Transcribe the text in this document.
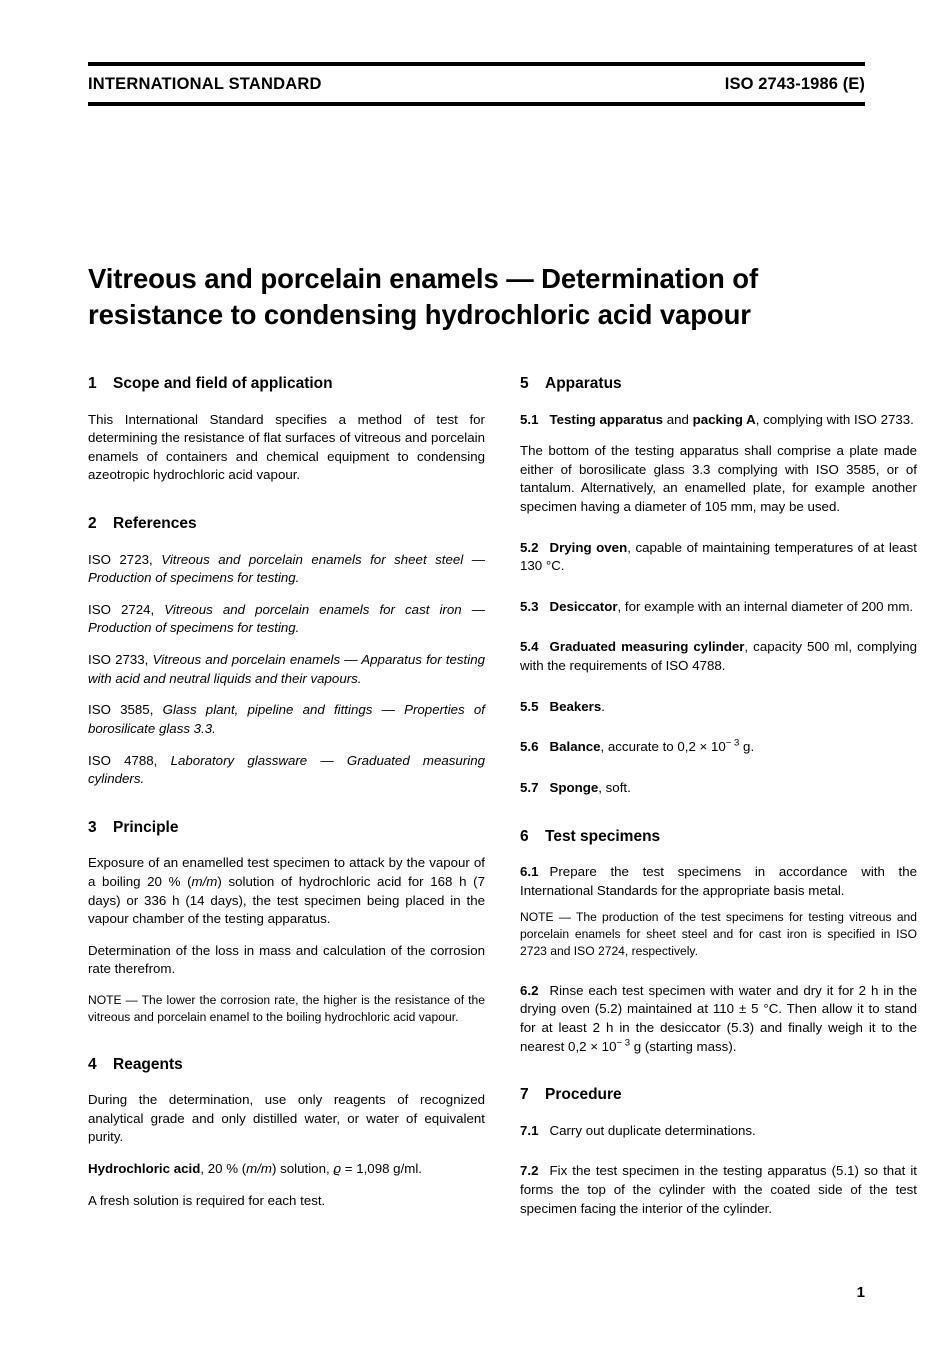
INTERNATIONAL STANDARD	ISO 2743-1986 (E)
Vitreous and porcelain enamels — Determination of resistance to condensing hydrochloric acid vapour
1 Scope and field of application

This International Standard specifies a method of test for determining the resistance of flat surfaces of vitreous and porcelain enamels of containers and chemical equipment to condensing azeotropic hydrochloric acid vapour.

2 References

ISO 2723, Vitreous and porcelain enamels for sheet steel — Production of specimens for testing.

ISO 2724, Vitreous and porcelain enamels for cast iron — Production of specimens for testing.

ISO 2733, Vitreous and porcelain enamels — Apparatus for testing with acid and neutral liquids and their vapours.

ISO 3585, Glass plant, pipeline and fittings — Properties of borosilicate glass 3.3.

ISO 4788, Laboratory glassware — Graduated measuring cylinders.

3 Principle

Exposure of an enamelled test specimen to attack by the vapour of a boiling 20 % (m/m) solution of hydrochloric acid for 168 h (7 days) or 336 h (14 days), the test specimen being placed in the vapour chamber of the testing apparatus.

Determination of the loss in mass and calculation of the corrosion rate therefrom.

NOTE — The lower the corrosion rate, the higher is the resistance of the vitreous and porcelain enamel to the boiling hydrochloric acid vapour.

4 Reagents

During the determination, use only reagents of recognized analytical grade and only distilled water, or water of equivalent purity.

Hydrochloric acid, 20 % (m/m) solution, ϱ = 1,098 g/ml.

A fresh solution is required for each test.

5 Apparatus

5.1 Testing apparatus and packing A, complying with ISO 2733.

The bottom of the testing apparatus shall comprise a plate made either of borosilicate glass 3.3 complying with ISO 3585, or of tantalum. Alternatively, an enamelled plate, for example another specimen having a diameter of 105 mm, may be used.

5.2 Drying oven, capable of maintaining temperatures of at least 130 °C.

5.3 Desiccator, for example with an internal diameter of 200 mm.

5.4 Graduated measuring cylinder, capacity 500 ml, complying with the requirements of ISO 4788.

5.5 Beakers.

5.6 Balance, accurate to $0,2 \times 10^{- 3}$ g.

5.7 Sponge, soft.

6 Test specimens

6.1 Prepare the test specimens in accordance with the International Standards for the appropriate basis metal.

NOTE — The production of the test specimens for testing vitreous and porcelain enamels for sheet steel and for cast iron is specified in ISO 2723 and ISO 2724, respectively.

6.2 Rinse each test specimen with water and dry it for 2 h in the drying oven (5.2) maintained at 110 ± 5 °C. Then allow it to stand for at least 2 h in the desiccator (5.3) and finally weigh it to the nearest $0,2 \times 10^{- 3}$ g (starting mass).

7 Procedure

7.1 Carry out duplicate determinations.

7.2 Fix the test specimen in the testing apparatus (5.1) so that it forms the top of the cylinder with the coated side of the test specimen facing the interior of the cylinder.

1
